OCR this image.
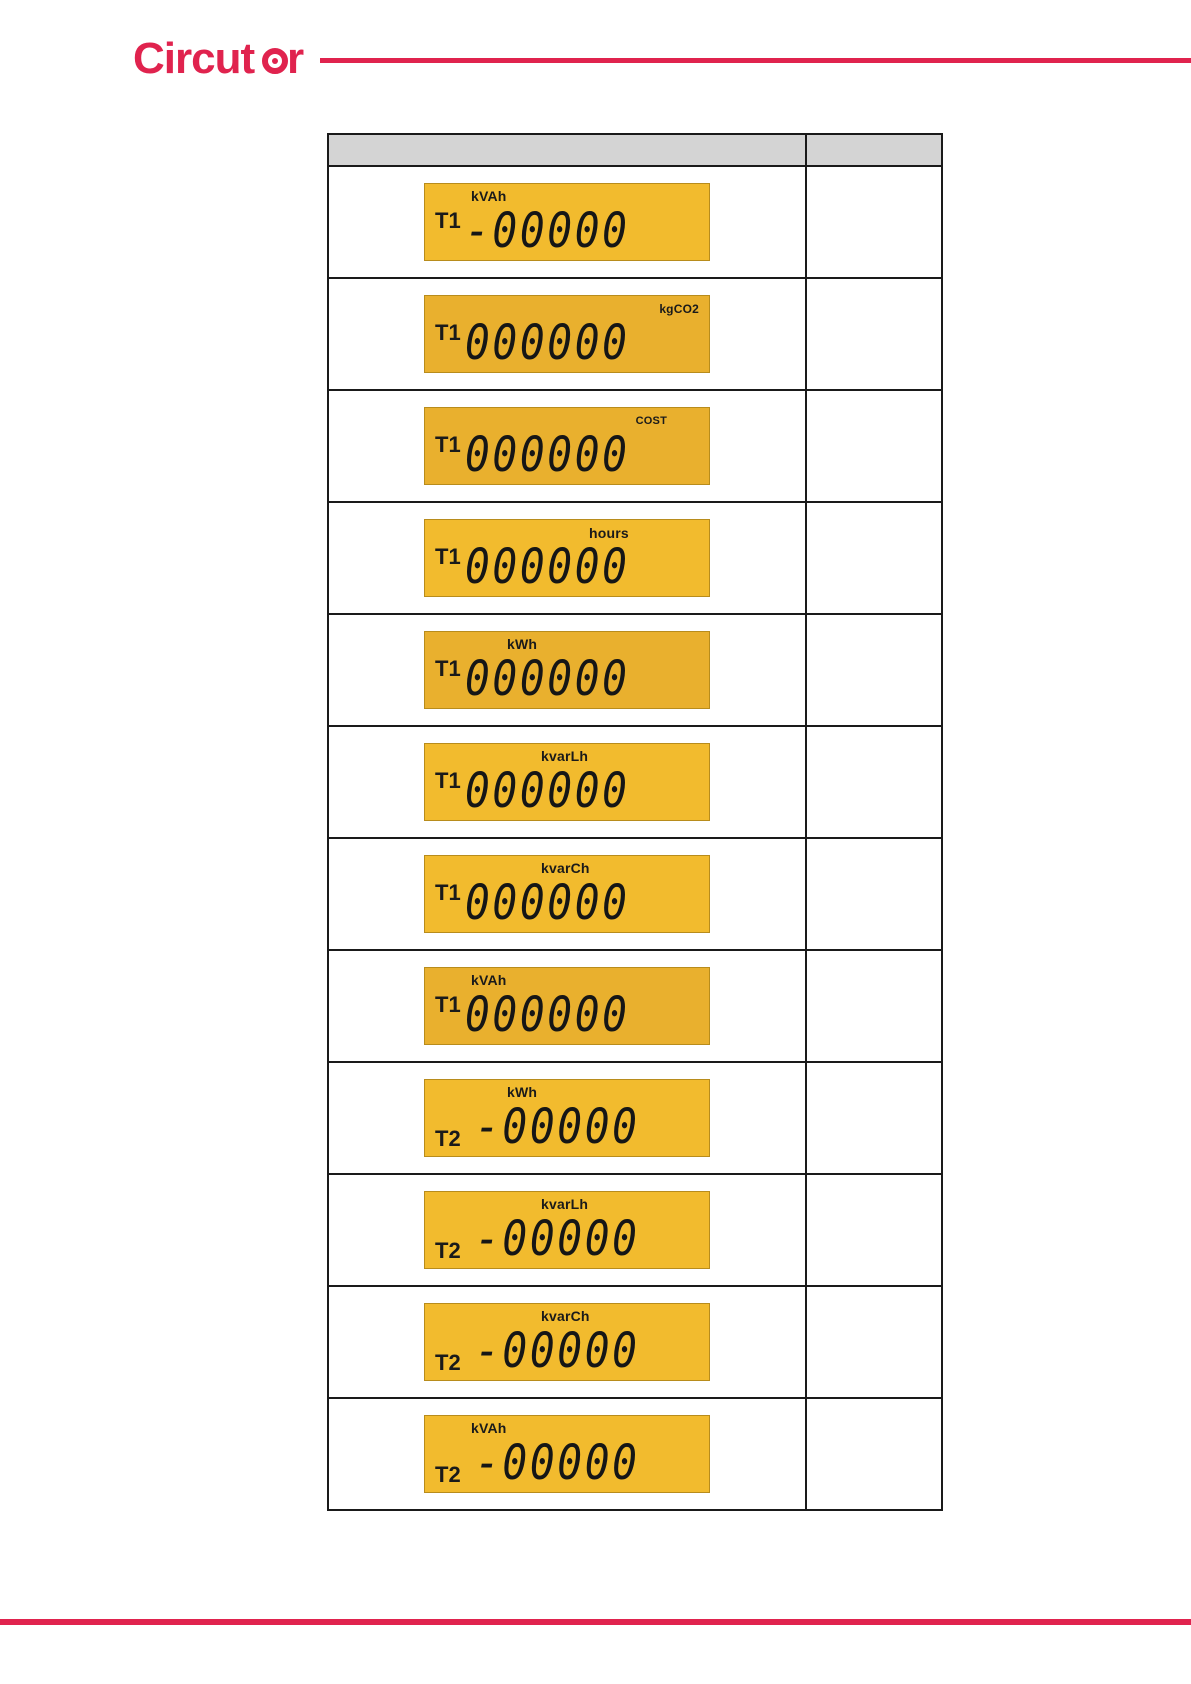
Circut r

kVAh
T1 -00000	

kgCO2
T1 000000	

COST
T1 000000	

hours
T1 000000	

kWh
T1 000000	

kvarLh
T1 000000	

kvarCh
T1 000000	

kVAh
T1 000000	

kWh
T2 -00000	

kvarLh
T2 -00000	

kvarCh
T2 -00000	

kVAh
T2 -00000	
